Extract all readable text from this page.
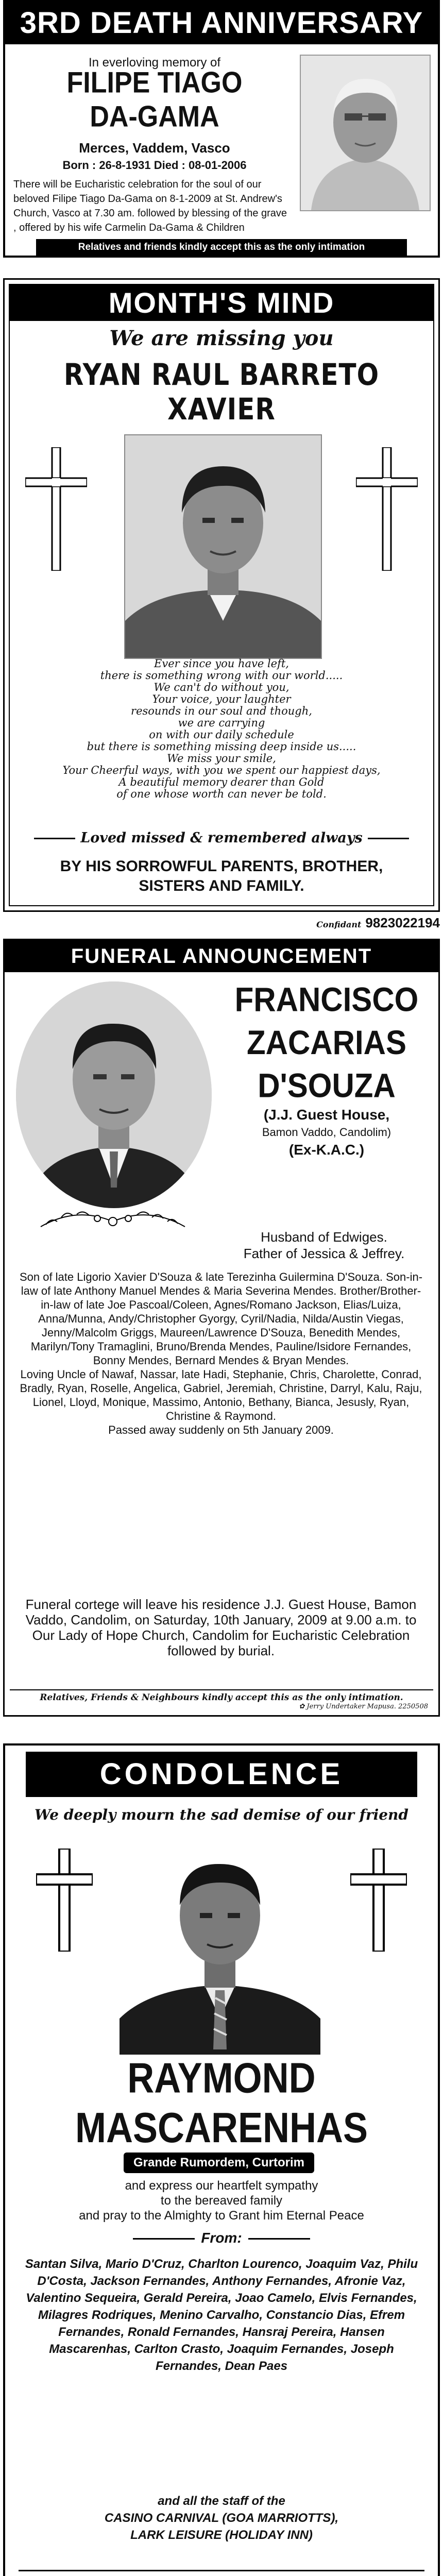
3RD DEATH ANNIVERSARY
In everloving memory of
FILIPE TIAGO
DA-GAMA
Merces, Vaddem, Vasco
Born : 26-8-1931 Died : 08-01-2006
There will be Eucharistic celebration for the soul of our beloved Filipe Tiago Da-Gama on 8-1-2009 at St. Andrew's Church, Vasco at 7.30 am. followed by blessing of the grave , offered by his wife Carmelin Da-Gama & Children
Relatives and friends kindly accept this as the only intimation
MONTH'S MIND
We are missing you
RYAN RAUL BARRETO XAVIER
Ever since you have left,
there is something wrong with our world.....
We can't do without you,
Your voice, your laughter
resounds in our soul and though,
we are carrying
on with our daily schedule
but there is something missing deep inside us.....
We miss your smile,
Your Cheerful ways, with you we spent our happiest days,
A beautiful memory dearer than Gold
of one whose worth can never be told.
Loved missed & remembered always
BY HIS SORROWFUL PARENTS, BROTHER,
SISTERS AND FAMILY.
Confidant 9823022194
FUNERAL ANNOUNCEMENT
FRANCISCO
ZACARIAS
D'SOUZA
(J.J. Guest House,
Bamon Vaddo, Candolim)
(Ex-K.A.C.)
Husband of Edwiges.
Father of Jessica & Jeffrey.
Son of late Ligorio Xavier D'Souza & late Terezinha Guilermina D'Souza. Son-in-law of late Anthony Manuel Mendes & Maria Severina Mendes. Brother/Brother-in-law of late Joe Pascoal/Coleen, Agnes/Romano Jackson, Elias/Luiza, Anna/Munna, Andy/Christopher Gyorgy, Cyril/Nadia, Nilda/Austin Viegas, Jenny/Malcolm Griggs, Maureen/Lawrence D'Souza, Benedith Mendes, Marilyn/Tony Tramaglini, Bruno/Brenda Mendes, Pauline/Isidore Fernandes, Bonny Mendes, Bernard Mendes & Bryan Mendes.
Loving Uncle of Nawaf, Nassar, late Hadi, Stephanie, Chris, Charolette, Conrad, Bradly, Ryan, Roselle, Angelica, Gabriel, Jeremiah, Christine, Darryl, Kalu, Raju, Lionel, Lloyd, Monique, Massimo, Antonio, Bethany, Bianca, Jesusly, Ryan, Christine & Raymond.
Passed away suddenly on 5th January 2009.
Funeral cortege will leave his residence J.J. Guest House, Bamon Vaddo, Candolim, on Saturday, 10th January, 2009 at 9.00 a.m. to Our Lady of Hope Church, Candolim for Eucharistic Celebration followed by burial.
Relatives, Friends & Neighbours kindly accept this as the only intimation.
✿ Jerry Undertaker Mapusa. 2250508
CONDOLENCE
We deeply mourn the sad demise of our friend
RAYMOND
MASCARENHAS
Grande Rumordem, Curtorim
and express our heartfelt sympathy
to the bereaved family
and pray to the Almighty to Grant him Eternal Peace
From:
Santan Silva, Mario D'Cruz, Charlton Lourenco, Joaquim Vaz, Philu D'Costa, Jackson Fernandes, Anthony Fernandes, Afronie Vaz, Valentino Sequeira, Gerald Pereira, Joao Camelo, Elvis Fernandes, Milagres Rodriques, Menino Carvalho, Constancio Dias, Efrem Fernandes, Ronald Fernandes, Hansraj Pereira, Hansen Mascarenhas, Carlton Crasto, Joaquim Fernandes, Joseph Fernandes, Dean Paes
and all the staff of the
CASINO CARNIVAL (GOA MARRIOTTS),
LARK LEISURE (HOLIDAY INN)
